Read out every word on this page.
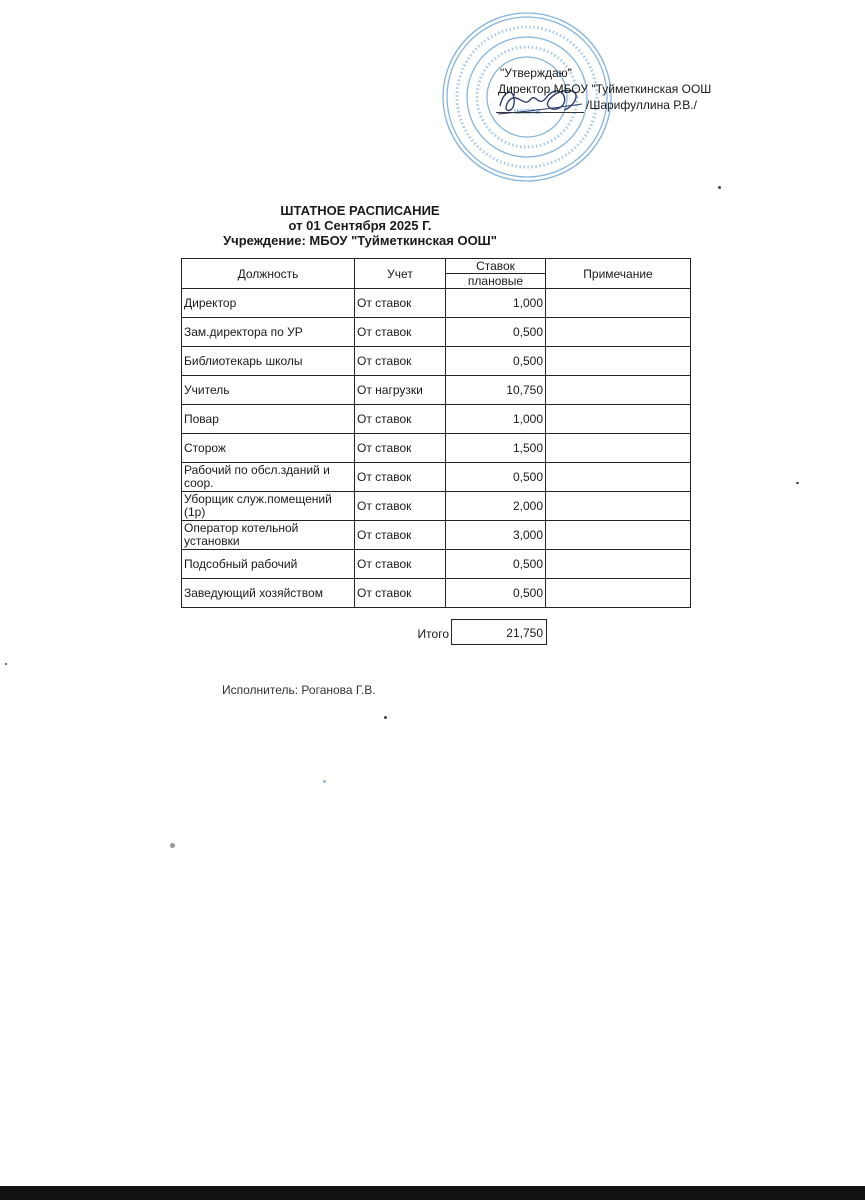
школа
"Утверждаю"
Директор МБОУ "Туйметкинская ООШ
/Шарифуллина Р.В./
ШТАТНОЕ РАСПИСАНИЕ
от 01 Сентября 2025 Г.
Учреждение: МБОУ "Туйметкинская ООШ"
Должность	Учет	Ставок	Примечание
		плановые	
Директор	От ставок	1,000	
Зам.директора по УР	От ставок	0,500	
Библиотекарь школы	От ставок	0,500	
Учитель	От нагрузки	10,750	
Повар	От ставок	1,000	
Сторож	От ставок	1,500	
Рабочий по обсл.зданий и соор.	От ставок	0,500	
Уборщик служ.помещений (1р)	От ставок	2,000	
Оператор котельной установки	От ставок	3,000	
Подсобный рабочий	От ставок	0,500	
Заведующий хозяйством	От ставок	0,500	
Итого	21,750
Исполнитель: Роганова Г.В.
